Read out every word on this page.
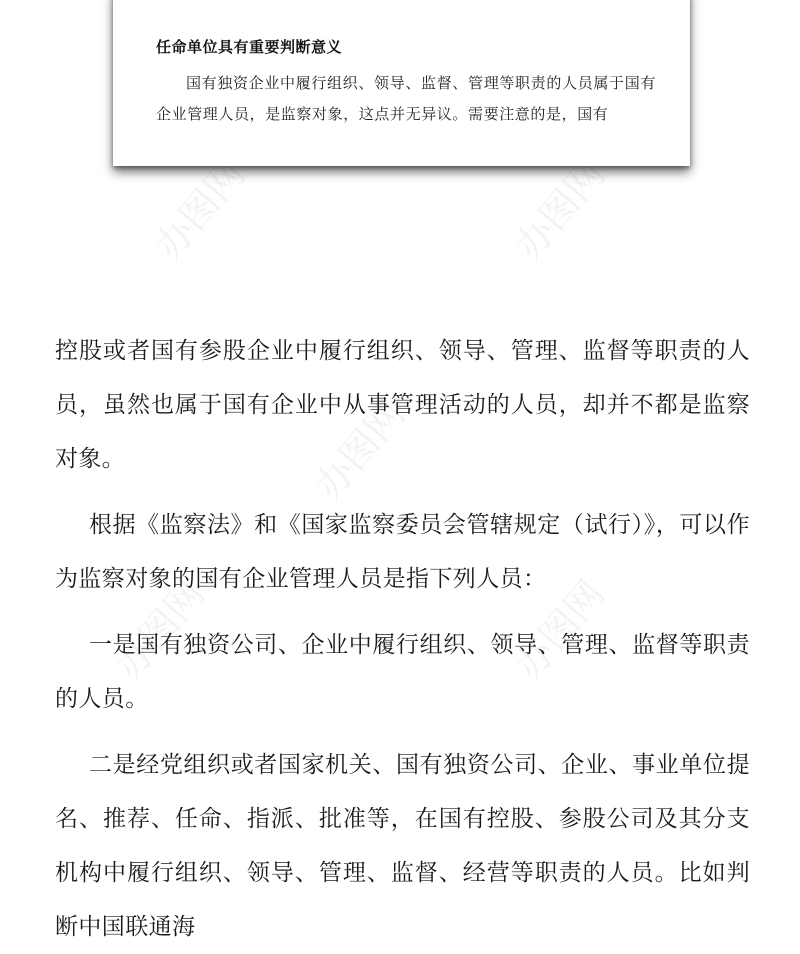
办图网	办图网
办图网
办图网	办图网
任命单位具有重要判断意义
国有独资企业中履行组织、领导、监督、管理等职责的人员属于国有企业管理人员，是监察对象，这点并无异议。需要注意的是，国有

控股或者国有参股企业中履行组织、领导、管理、监督等职责的人员，虽然也属于国有企业中从事管理活动的人员，却并不都是监察对象。

根据《监察法》和《国家监察委员会管辖规定（试行）》，可以作为监察对象的国有企业管理人员是指下列人员：

一是国有独资公司、企业中履行组织、领导、管理、监督等职责的人员。

二是经党组织或者国家机关、国有独资公司、企业、事业单位提名、推荐、任命、指派、批准等，在国有控股、参股公司及其分支机构中履行组织、领导、管理、监督、经营等职责的人员。比如判断中国联通海
